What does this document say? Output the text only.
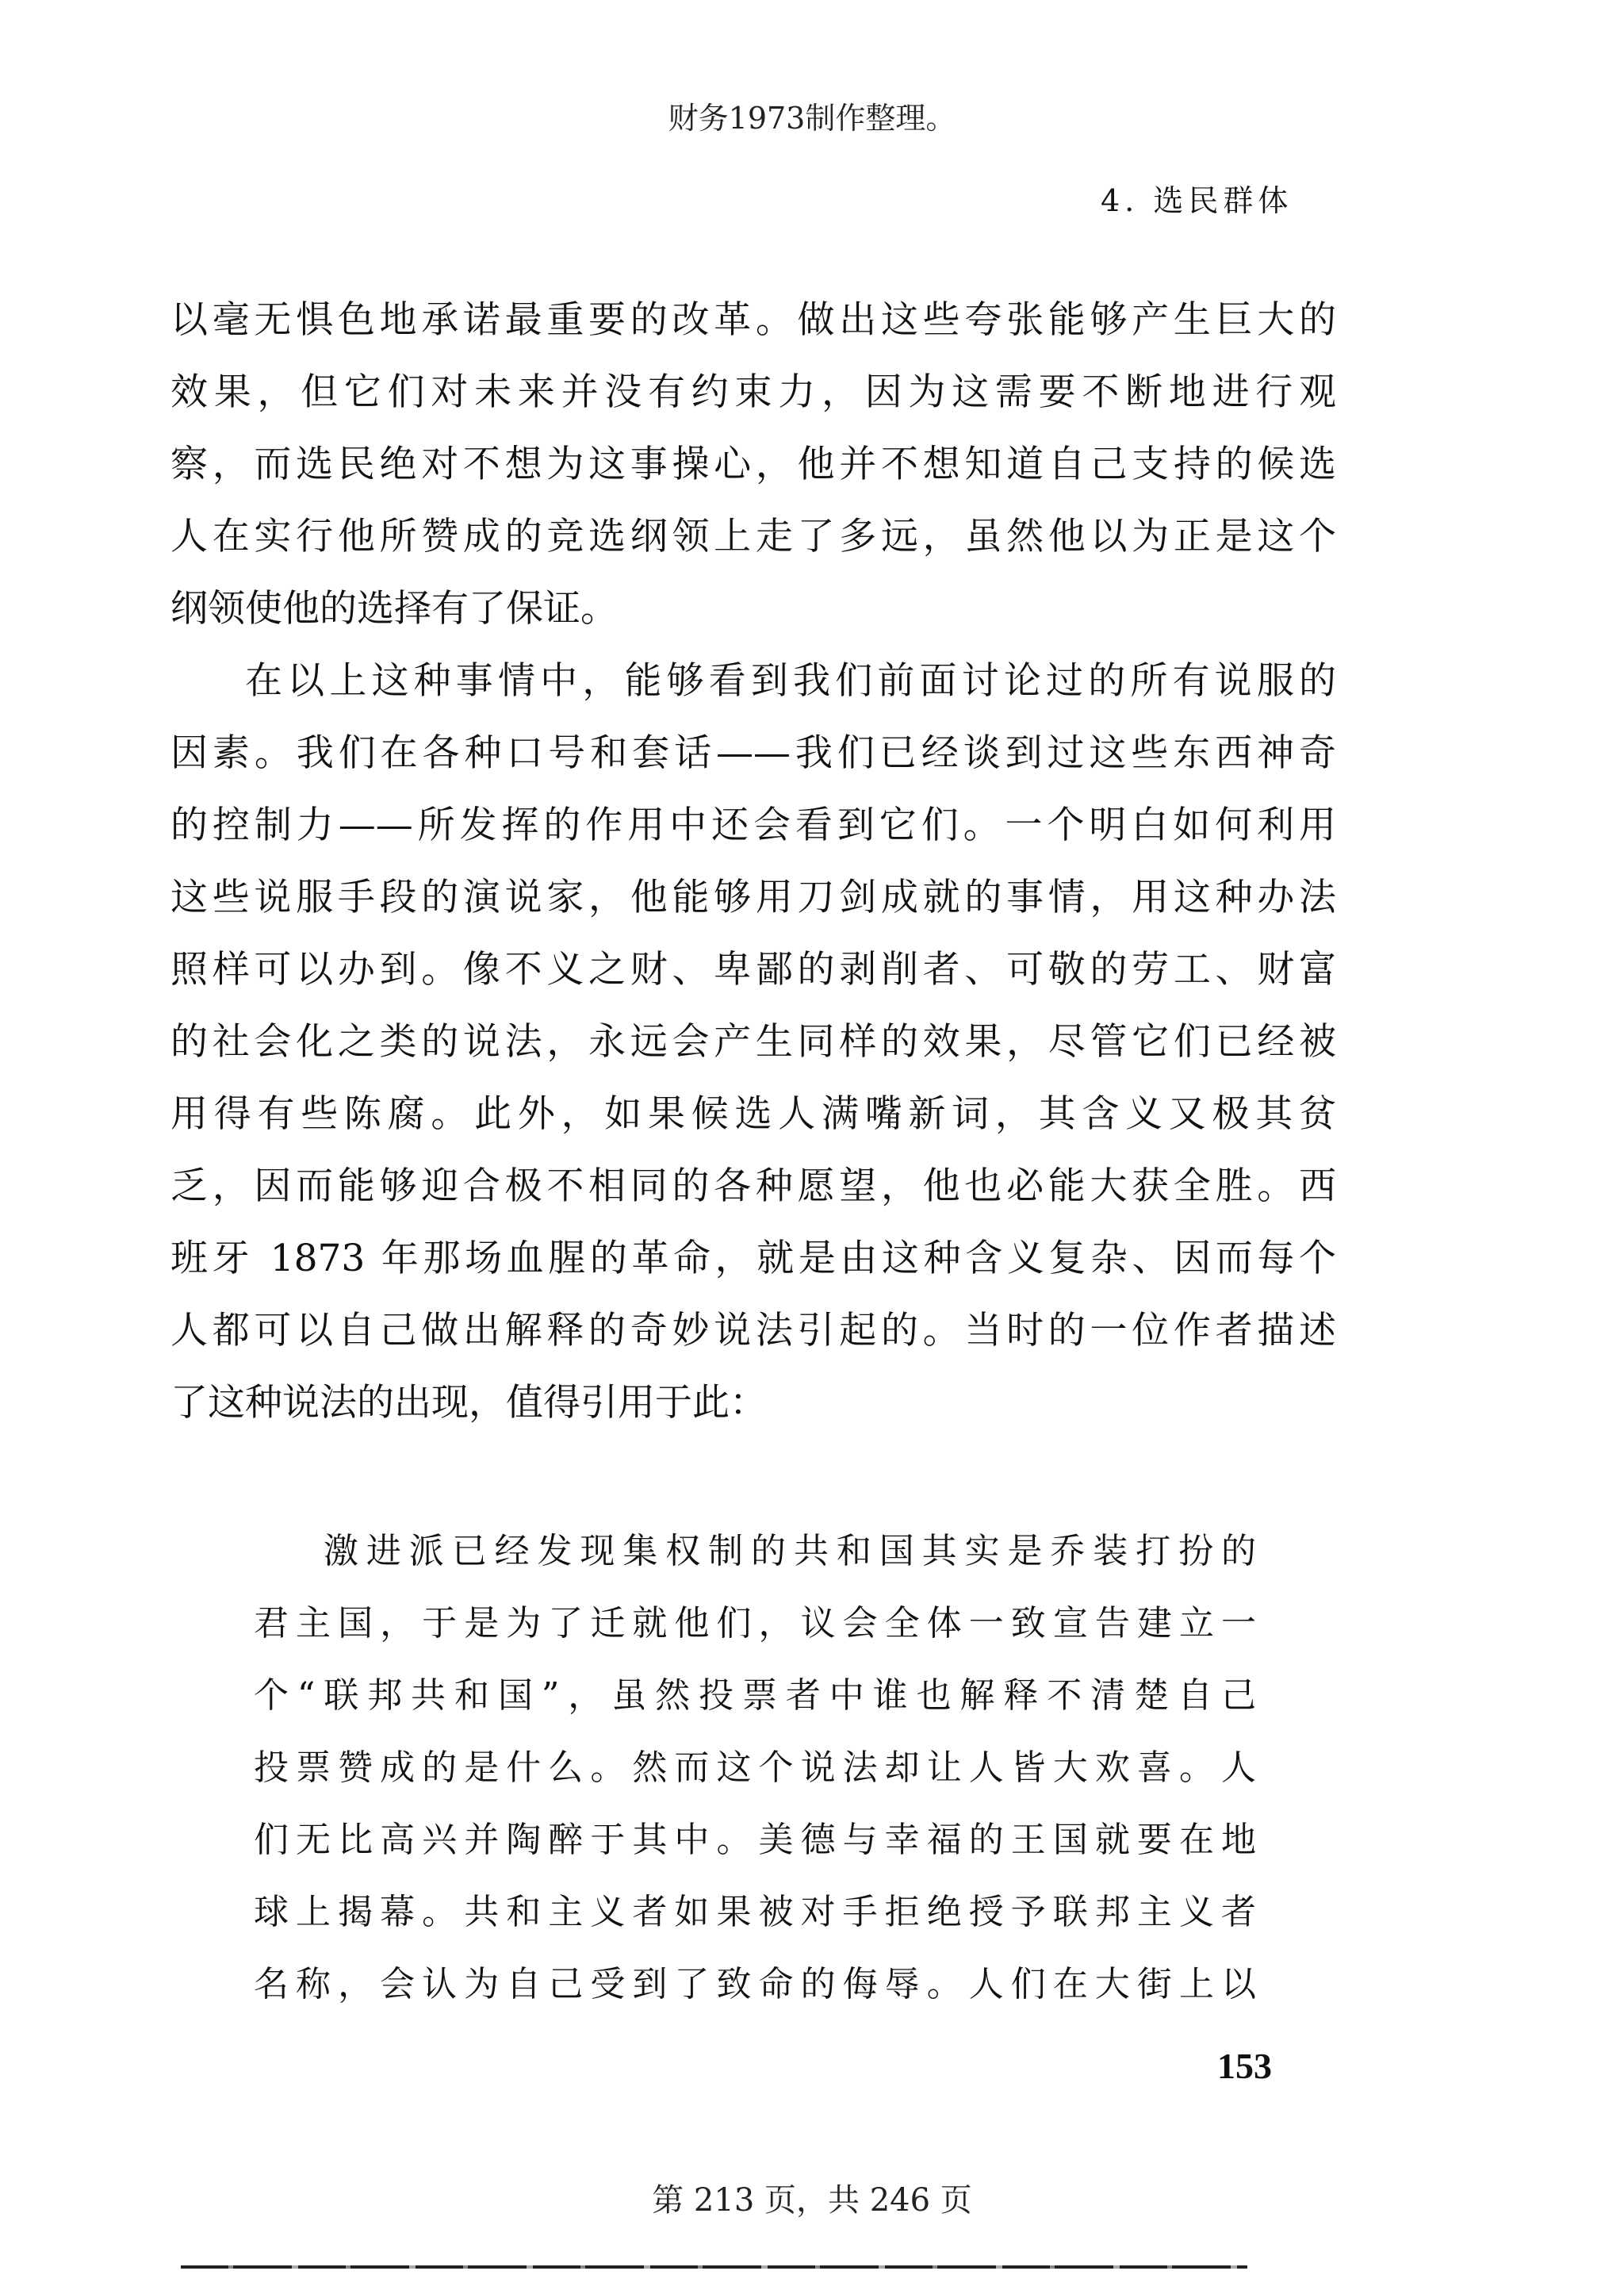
财务1973制作整理。
4. 选民群体
以毫无惧色地承诺最重要的改革。做出这些夸张能够产生巨大的
效果，但它们对未来并没有约束力，因为这需要不断地进行观
察，而选民绝对不想为这事操心，他并不想知道自己支持的候选
人在实行他所赞成的竞选纲领上走了多远，虽然他以为正是这个
纲领使他的选择有了保证。
在以上这种事情中，能够看到我们前面讨论过的所有说服的
因素。我们在各种口号和套话——我们已经谈到过这些东西神奇
的控制力——所发挥的作用中还会看到它们。一个明白如何利用
这些说服手段的演说家，他能够用刀剑成就的事情，用这种办法
照样可以办到。像不义之财、卑鄙的剥削者、可敬的劳工、财富
的社会化之类的说法，永远会产生同样的效果，尽管它们已经被
用得有些陈腐。此外，如果候选人满嘴新词，其含义又极其贫
乏，因而能够迎合极不相同的各种愿望，他也必能大获全胜。西
班牙 1873 年那场血腥的革命，就是由这种含义复杂、因而每个
人都可以自己做出解释的奇妙说法引起的。当时的一位作者描述
了这种说法的出现，值得引用于此：
激进派已经发现集权制的共和国其实是乔装打扮的
君主国，于是为了迁就他们，议会全体一致宣告建立一
个“联邦共和国”，虽然投票者中谁也解释不清楚自己
投票赞成的是什么。然而这个说法却让人皆大欢喜。人
们无比高兴并陶醉于其中。美德与幸福的王国就要在地
球上揭幕。共和主义者如果被对手拒绝授予联邦主义者
名称，会认为自己受到了致命的侮辱。人们在大街上以
153
第 213 页，共 246 页
